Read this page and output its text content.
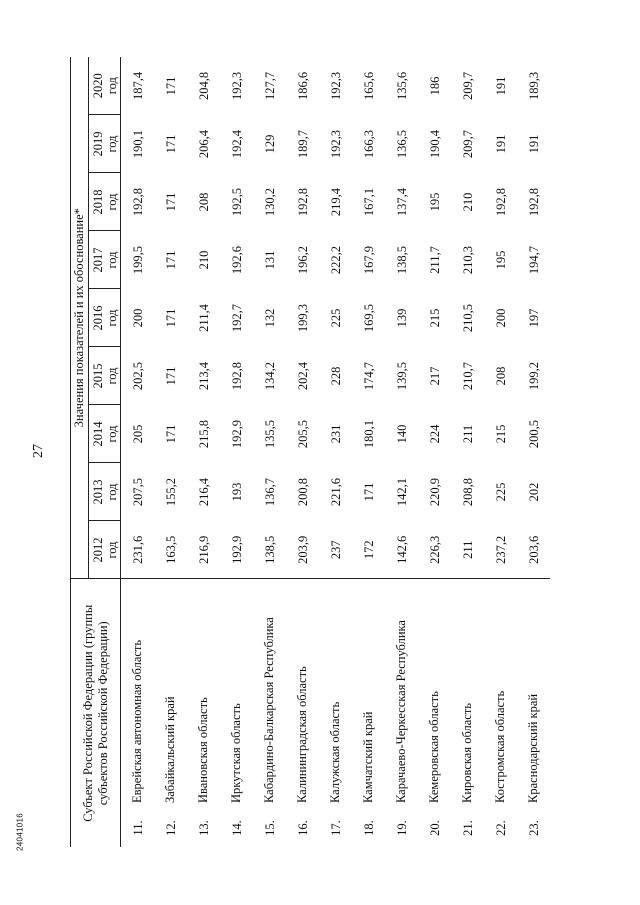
27
24041016
Субъект Российской Федерации (группы субъектов Российской Федерации)		Значения показателей и их обоснование*								
		2012
год	2013
год	2014
год	2015
год	2016
год	2017
год	2018
год	2019
год	2020
год
11.	Еврейская автономная область	231,6	207,5	205	202,5	200	199,5	192,8	190,1	187,4
12.	Забайкальский край	163,5	155,2	171	171	171	171	171	171	171
13.	Ивановская область	216,9	216,4	215,8	213,4	211,4	210	208	206,4	204,8
14.	Иркутская область	192,9	193	192,9	192,8	192,7	192,6	192,5	192,4	192,3
15.	Кабардино-Балкарская Республика	138,5	136,7	135,5	134,2	132	131	130,2	129	127,7
16.	Калининградская область	203,9	200,8	205,5	202,4	199,3	196,2	192,8	189,7	186,6
17.	Калужская область	237	221,6	231	228	225	222,2	219,4	192,3	192,3
18.	Камчатский край	172	171	180,1	174,7	169,5	167,9	167,1	166,3	165,6
19.	Карачаево-Черкесская Республика	142,6	142,1	140	139,5	139	138,5	137,4	136,5	135,6
20.	Кемеровская область	226,3	220,9	224	217	215	211,7	195	190,4	186
21.	Кировская область	211	208,8	211	210,7	210,5	210,3	210	209,7	209,7
22.	Костромская область	237,2	225	215	208	200	195	192,8	191	191
23.	Краснодарский край	203,6	202	200,5	199,2	197	194,7	192,8	191	189,3
